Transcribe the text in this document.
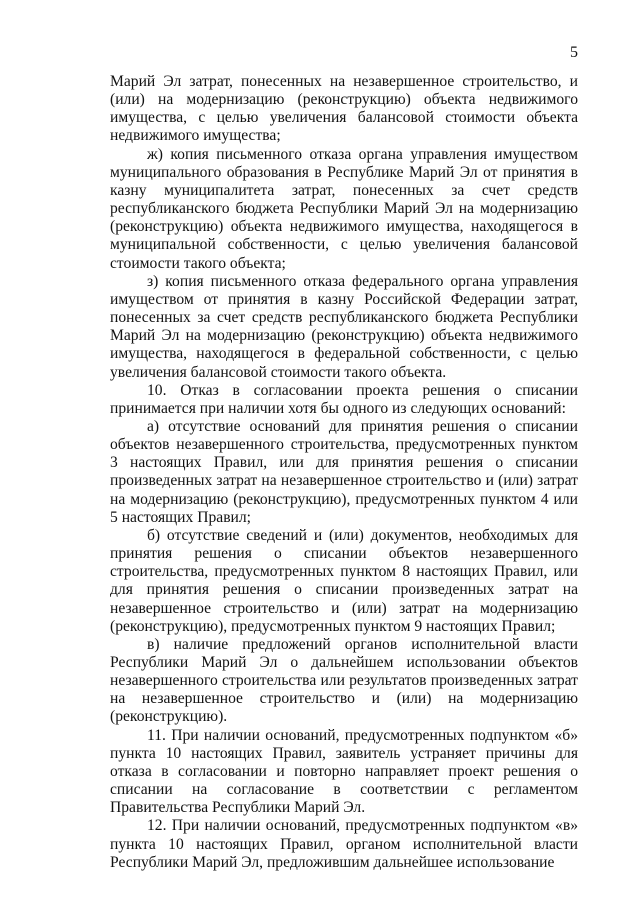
5

Марий Эл затрат, понесенных на незавершенное строительство, и (или) на модернизацию (реконструкцию) объекта недвижимого имущества, с целью увеличения балансовой стоимости объекта недвижимого имущества;

ж) копия письменного отказа органа управления имуществом муниципального образования в Республике Марий Эл от принятия в казну муниципалитета затрат, понесенных за счет средств республиканского бюджета Республики Марий Эл на модернизацию (реконструкцию) объекта недвижимого имущества, находящегося в муниципальной собственности, с целью увеличения балансовой стоимости такого объекта;

з) копия письменного отказа федерального органа управления имуществом от принятия в казну Российской Федерации затрат, понесенных за счет средств республиканского бюджета Республики Марий Эл на модернизацию (реконструкцию) объекта недвижимого имущества, находящегося в федеральной собственности, с целью увеличения балансовой стоимости такого объекта.

10. Отказ в согласовании проекта решения о списании принимается при наличии хотя бы одного из следующих оснований:

а) отсутствие оснований для принятия решения о списании объектов незавершенного строительства, предусмотренных пунктом 3 настоящих Правил, или для принятия решения о списании произведенных затрат на незавершенное строительство и (или) затрат на модернизацию (реконструкцию), предусмотренных пунктом 4 или 5 настоящих Правил;

б) отсутствие сведений и (или) документов, необходимых для принятия решения о списании объектов незавершенного строительства, предусмотренных пунктом 8 настоящих Правил, или для принятия решения о списании произведенных затрат на незавершенное строительство и (или) затрат на модернизацию (реконструкцию), предусмотренных пунктом 9 настоящих Правил;

в) наличие предложений органов исполнительной власти Республики Марий Эл о дальнейшем использовании объектов незавершенного строительства или результатов произведенных затрат на незавершенное строительство и (или) на модернизацию (реконструкцию).

11. При наличии оснований, предусмотренных подпунктом «б» пункта 10 настоящих Правил, заявитель устраняет причины для отказа в согласовании и повторно направляет проект решения о списании на согласование в соответствии с регламентом Правительства Республики Марий Эл.

12. При наличии оснований, предусмотренных подпунктом «в» пункта 10 настоящих Правил, органом исполнительной власти Республики Марий Эл, предложившим дальнейшее использование
